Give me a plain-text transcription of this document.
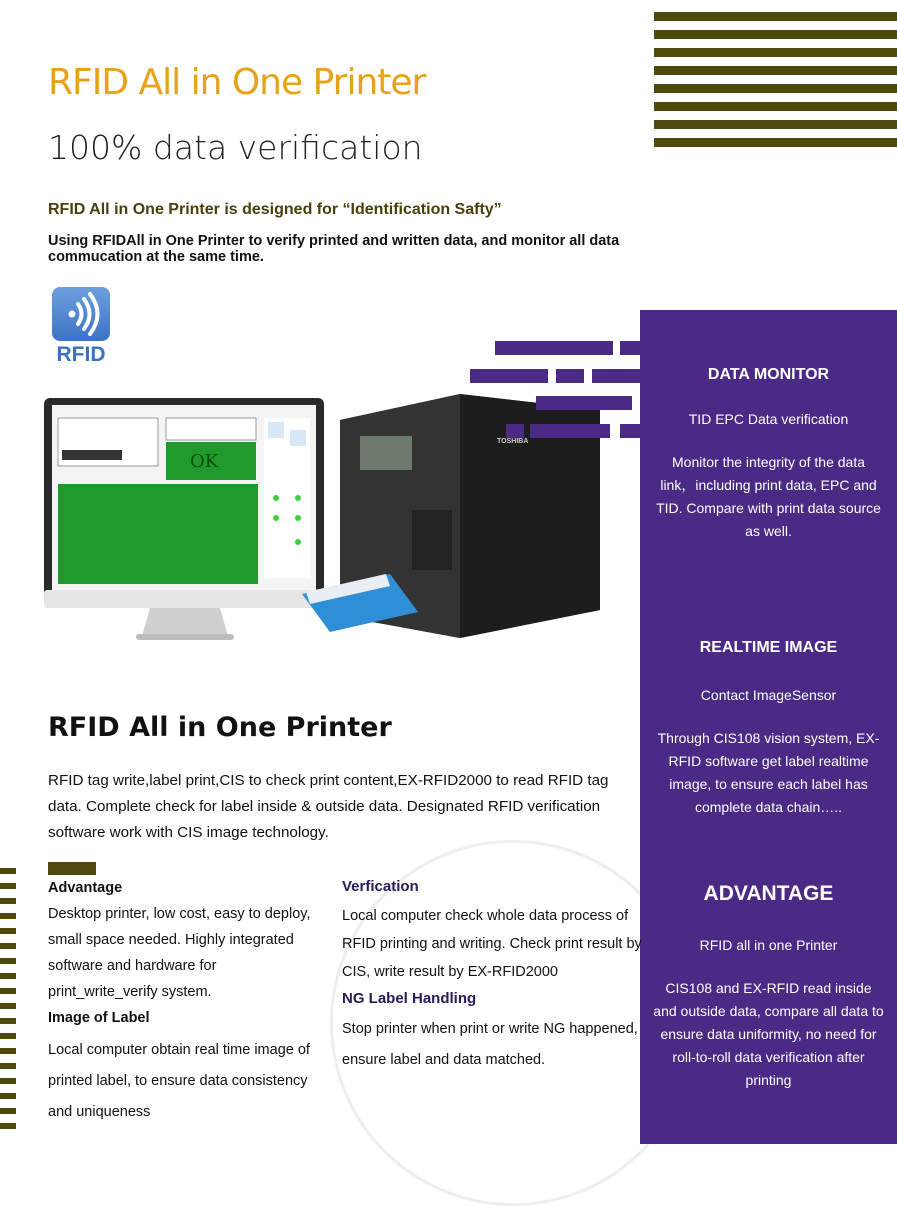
RFID All in One Printer
100% data verification
RFID All in One Printer is designed for “Identification Safty”
Using RFIDAll in One Printer to verify printed and written data, and monitor all data commucation at the same time.
RFID
OK
TOSHIBA
DATA MONITOR
TID EPC Data verification
Monitor the integrity of the data link，including print data, EPC and TID. Compare with print data source as well.
REALTIME IMAGE
Contact ImageSensor
Through CIS108 vision system, EX-RFID software get label realtime image, to ensure each label has complete data chain…..
ADVANTAGE
RFID all in one Printer
CIS108 and EX-RFID read inside and outside data, compare all data to ensure data uniformity, no need for roll-to-roll data verification after printing
RFID All in One Printer
RFID tag write,label print,CIS to check print content,EX-RFID2000 to read RFID tag data. Complete check for label inside & outside data. Designated RFID verification software work with CIS image technology.
Advantage
Desktop printer, low cost, easy to deploy, small space needed. Highly integrated software and hardware for print_write_verify system.
Image of Label
Local computer obtain real time image of printed label, to ensure data consistency and uniqueness
Verfication
Local computer check whole data process of RFID printing and writing. Check print result by CIS, write result by EX-RFID2000
NG Label Handling
Stop printer when print or write NG happened, ensure label and data matched.
